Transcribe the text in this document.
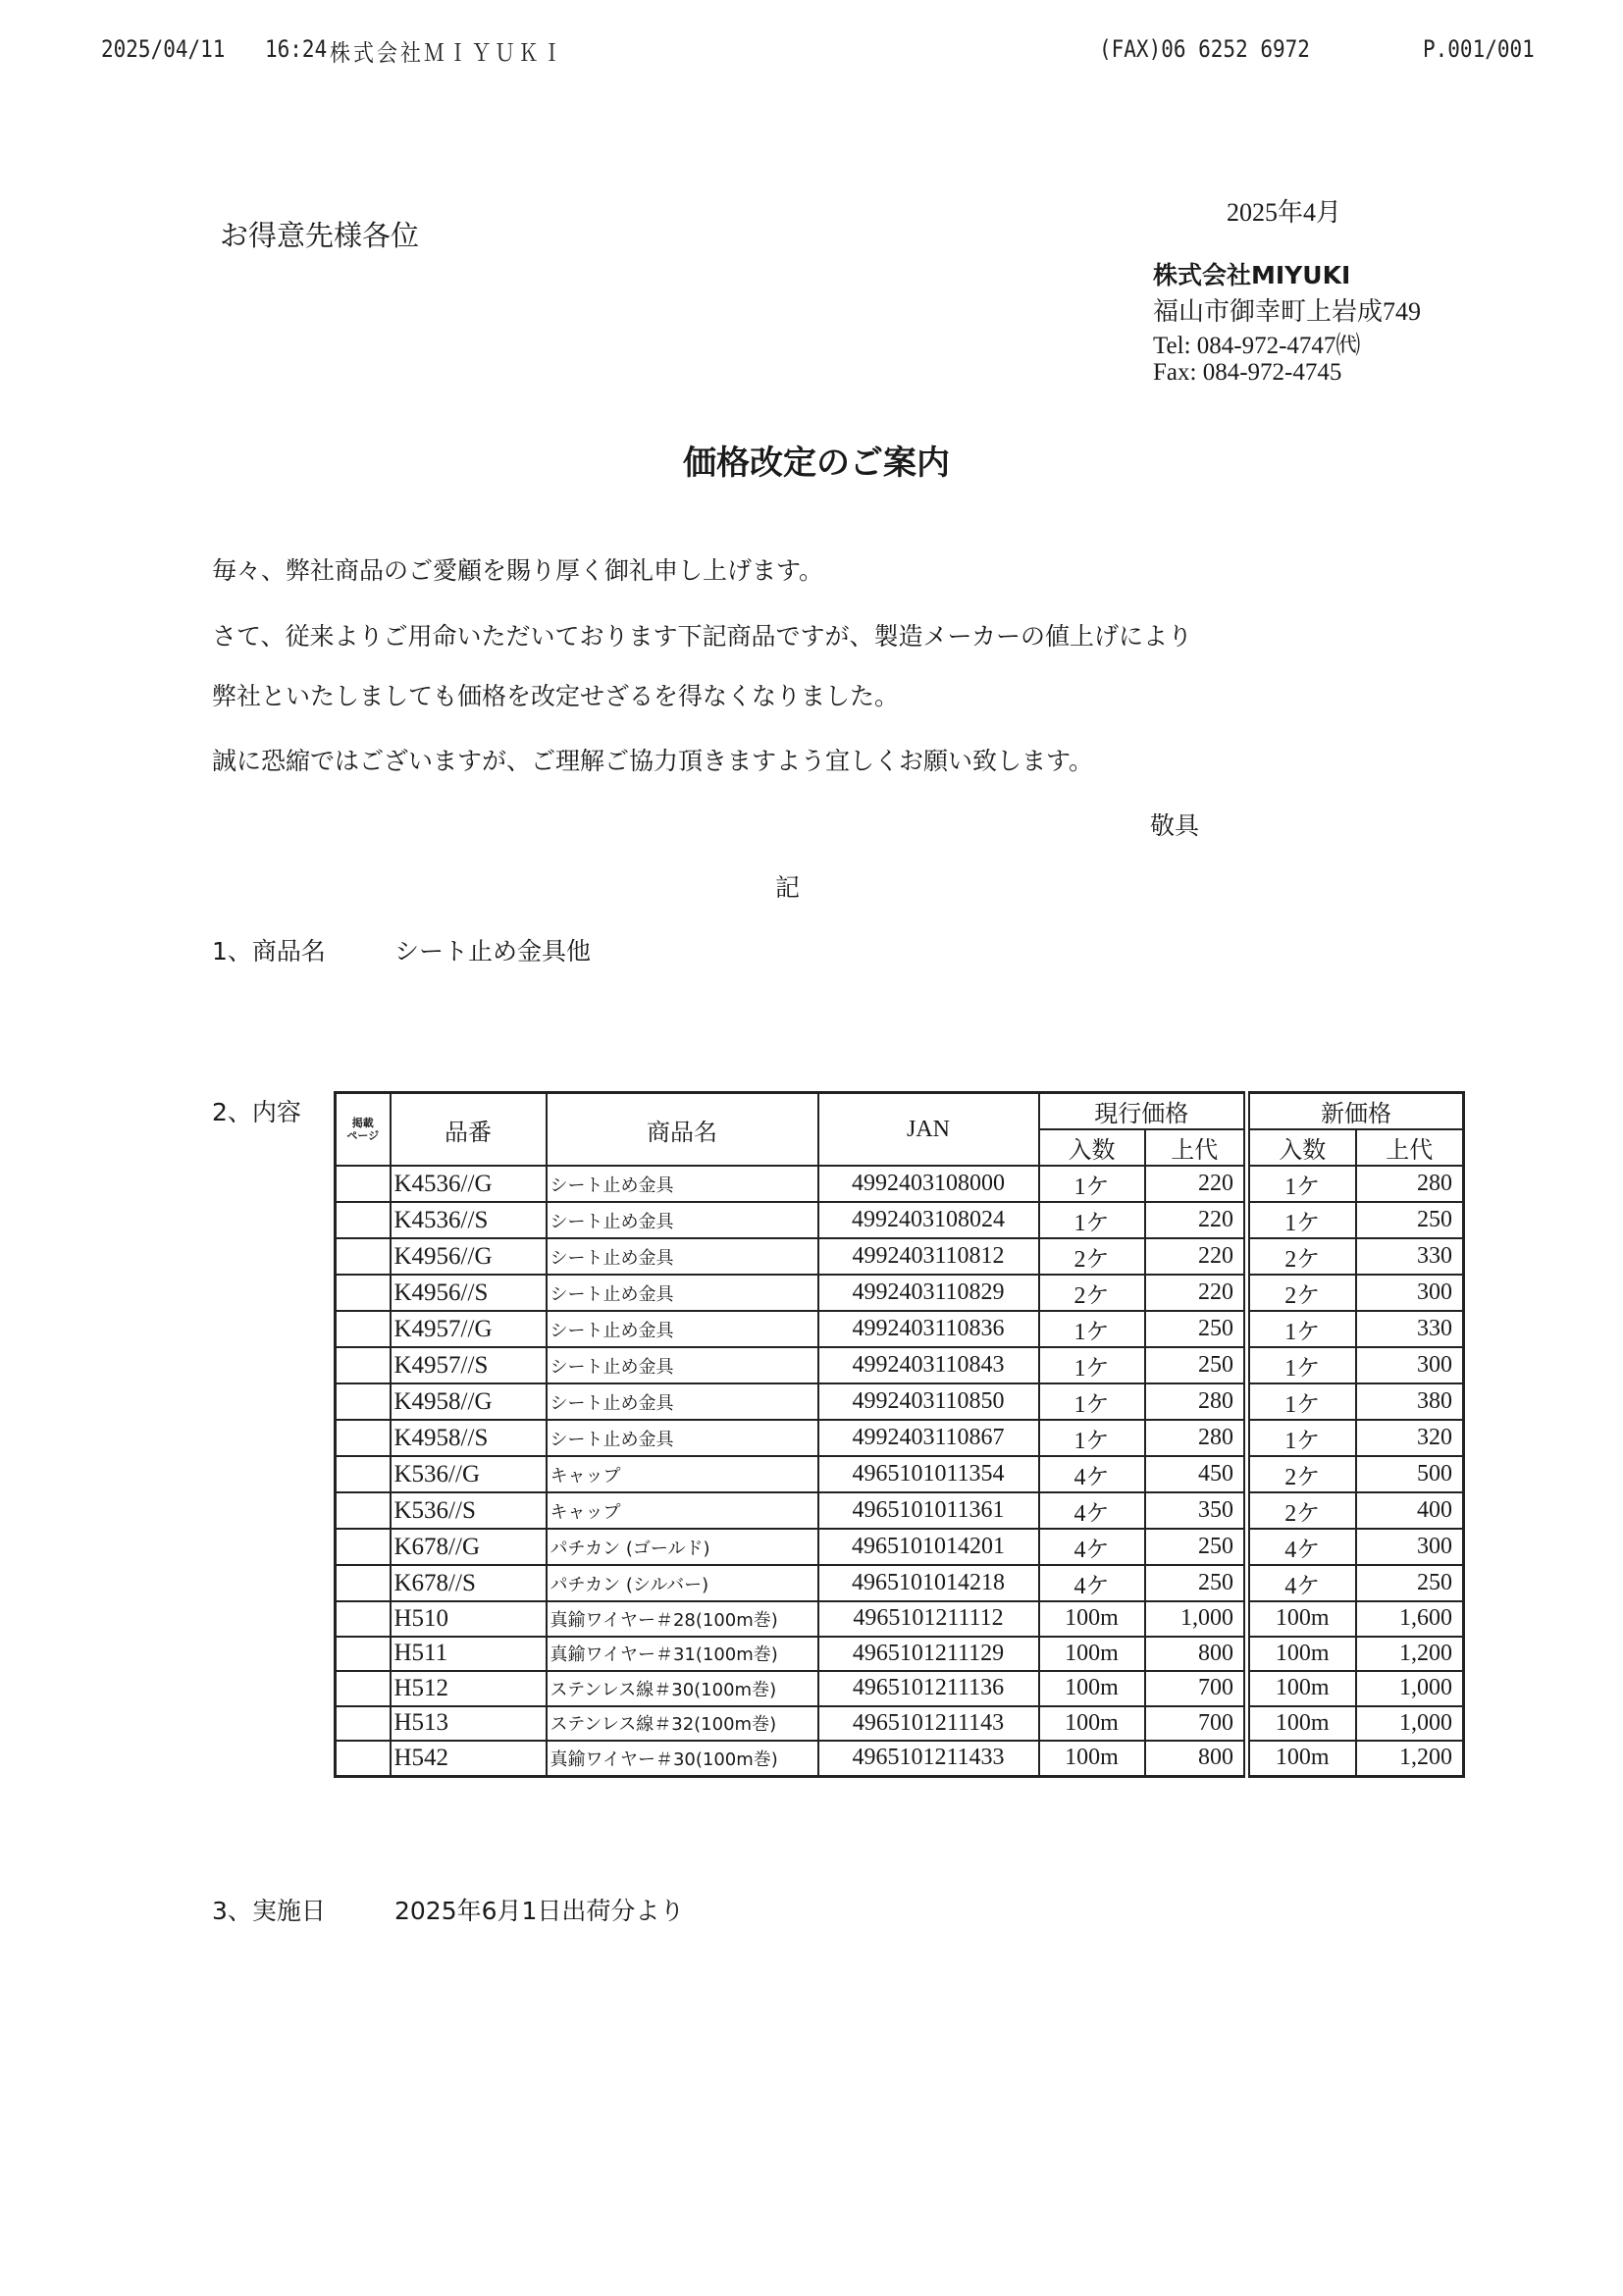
2025/04/11 16:24 株式会社ＭＩＹＵＫＩ	(FAX)06 6252 6972	P.001/001
お得意先様各位
2025年4月
株式会社MIYUKI
福山市御幸町上岩成749
Tel: 084-972-4747㈹
Fax: 084-972-4745
価格改定のご案内
毎々、弊社商品のご愛顧を賜り厚く御礼申し上げます。
さて、従来よりご用命いただいております下記商品ですが、製造メーカーの値上げにより
弊社といたしましても価格を改定せざるを得なくなりました。
誠に恐縮ではございますが、ご理解ご協力頂きますよう宜しくお願い致します。
敬具
記
1、商品名	シート止め金具他
2、内容	掲載
ページ	品番	商品名	JAN	現行価格		新価格	
				入数	上代	入数	上代
	K4536//G	シート止め金具	4992403108000	1ケ	220	1ケ	280
	K4536//S	シート止め金具	4992403108024	1ケ	220	1ケ	250
	K4956//G	シート止め金具	4992403110812	2ケ	220	2ケ	330
	K4956//S	シート止め金具	4992403110829	2ケ	220	2ケ	300
	K4957//G	シート止め金具	4992403110836	1ケ	250	1ケ	330
	K4957//S	シート止め金具	4992403110843	1ケ	250	1ケ	300
	K4958//G	シート止め金具	4992403110850	1ケ	280	1ケ	380
	K4958//S	シート止め金具	4992403110867	1ケ	280	1ケ	320
	K536//G	キャップ	4965101011354	4ケ	450	2ケ	500
	K536//S	キャップ	4965101011361	4ケ	350	2ケ	400
	K678//G	パチカン (ゴールド)	4965101014201	4ケ	250	4ケ	300
	K678//S	パチカン (シルバー)	4965101014218	4ケ	250	4ケ	250
	H510	真鍮ワイヤー＃28(100m巻)	4965101211112	100m	1,000	100m	1,600
	H511	真鍮ワイヤー＃31(100m巻)	4965101211129	100m	800	100m	1,200
	H512	ステンレス線＃30(100m巻)	4965101211136	100m	700	100m	1,000
	H513	ステンレス線＃32(100m巻)	4965101211143	100m	700	100m	1,000
	H542	真鍮ワイヤー＃30(100m巻)	4965101211433	100m	800	100m	1,200
3、実施日	2025年6月1日出荷分より
